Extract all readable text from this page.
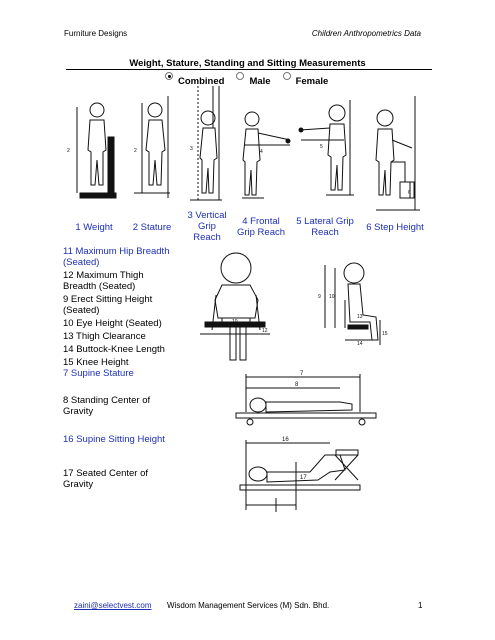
Furniture Designs	Children Anthropometrics Data
Weight, Stature, Standing and Sitting Measurements
Combined	Male	Female
2	2	3	4
5
6
10
12
9 10
13
15
14
7
8
16
17
1 Weight	2 Stature
3 Vertical
Grip
Reach
4 Frontal
Grip Reach
5 Lateral Grip
Reach	6 Step Height
11 Maximum Hip Breadth
(Seated)
12 Maximum Thigh
Breadth (Seated)
9 Erect Sitting Height
(Seated)
10 Eye Height (Seated)
13 Thigh Clearance
14 Buttock-Knee Length
15 Knee Height
7 Supine Stature
8 Standing Center of
Gravity
16 Supine Sitting Height
17 Seated Center of
Gravity
zaini@selectvest.com Wisdom Management Services (M) Sdn. Bhd.	1
